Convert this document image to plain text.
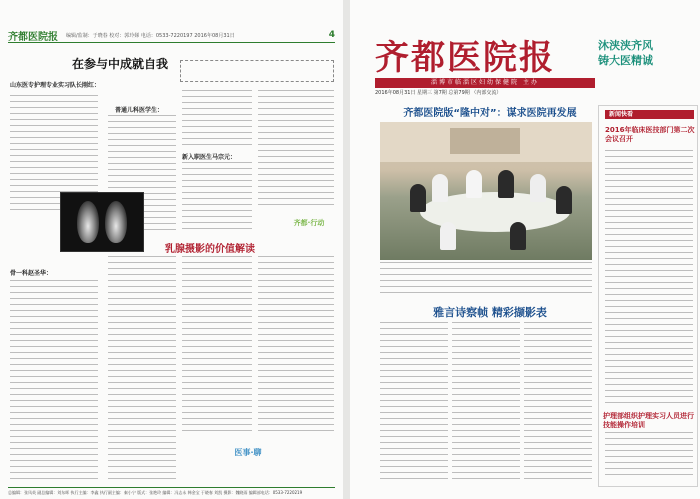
齐都医院报 编辑/监制：于晓春 校对：郭玲娣 电话：0533-7220197 2016年08月31日	4
在参与中成就自我
山东医专护理专业实习队长刚红：
普通儿科医学生：
新入职医生马宗元：
齐都·行动
骨一科赵圣华：
乳腺摄影的价值解读
医事·聊
总编辑：张凤英 副总编辑：刘东晖 执行主编：李鑫 执行副主编：秦小宁 版式：张艳玲 编辑：冯志永 韩金宝 于晓春 刘凯 摄影：魏晓雨 编辑部电话：0533-7220219
齐都医院报	沐浃浃齐风
铸大医精诚
淄博市临淄区妇幼保健院 主办
2016年08月31日 星期三 第7期 总第79期 （内部交流）
齐都医院版“隆中对”：谋求医院再发展
雅言诗察帧 精彩撷影表
新闻快看
2016年临床医技部门第二次会议召开
护理部组织护理实习人员进行技能操作培训
